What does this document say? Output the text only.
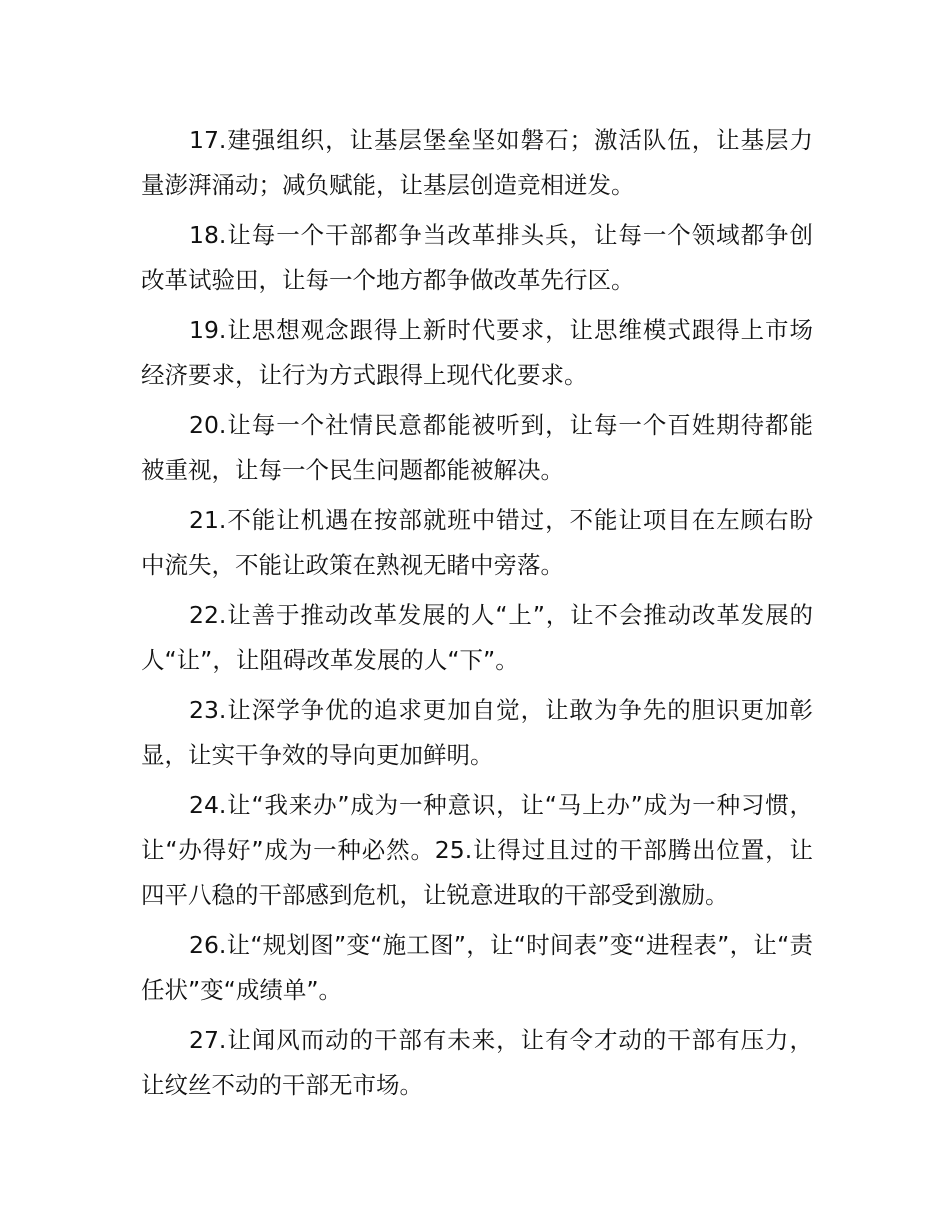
17.建强组织，让基层堡垒坚如磐石；激活队伍，让基层力量澎湃涌动；减负赋能，让基层创造竞相迸发。

18.让每一个干部都争当改革排头兵，让每一个领域都争创改革试验田，让每一个地方都争做改革先行区。

19.让思想观念跟得上新时代要求，让思维模式跟得上市场经济要求，让行为方式跟得上现代化要求。

20.让每一个社情民意都能被听到，让每一个百姓期待都能被重视，让每一个民生问题都能被解决。

21.不能让机遇在按部就班中错过，不能让项目在左顾右盼中流失，不能让政策在熟视无睹中旁落。

22.让善于推动改革发展的人“上”，让不会推动改革发展的人“让”，让阻碍改革发展的人“下”。

23.让深学争优的追求更加自觉，让敢为争先的胆识更加彰显，让实干争效的导向更加鲜明。

24.让“我来办”成为一种意识，让“马上办”成为一种习惯，让“办得好”成为一种必然。25.让得过且过的干部腾出位置，让四平八稳的干部感到危机，让锐意进取的干部受到激励。

26.让“规划图”变“施工图”，让“时间表”变“进程表”，让“责任状”变“成绩单”。

27.让闻风而动的干部有未来，让有令才动的干部有压力，让纹丝不动的干部无市场。
